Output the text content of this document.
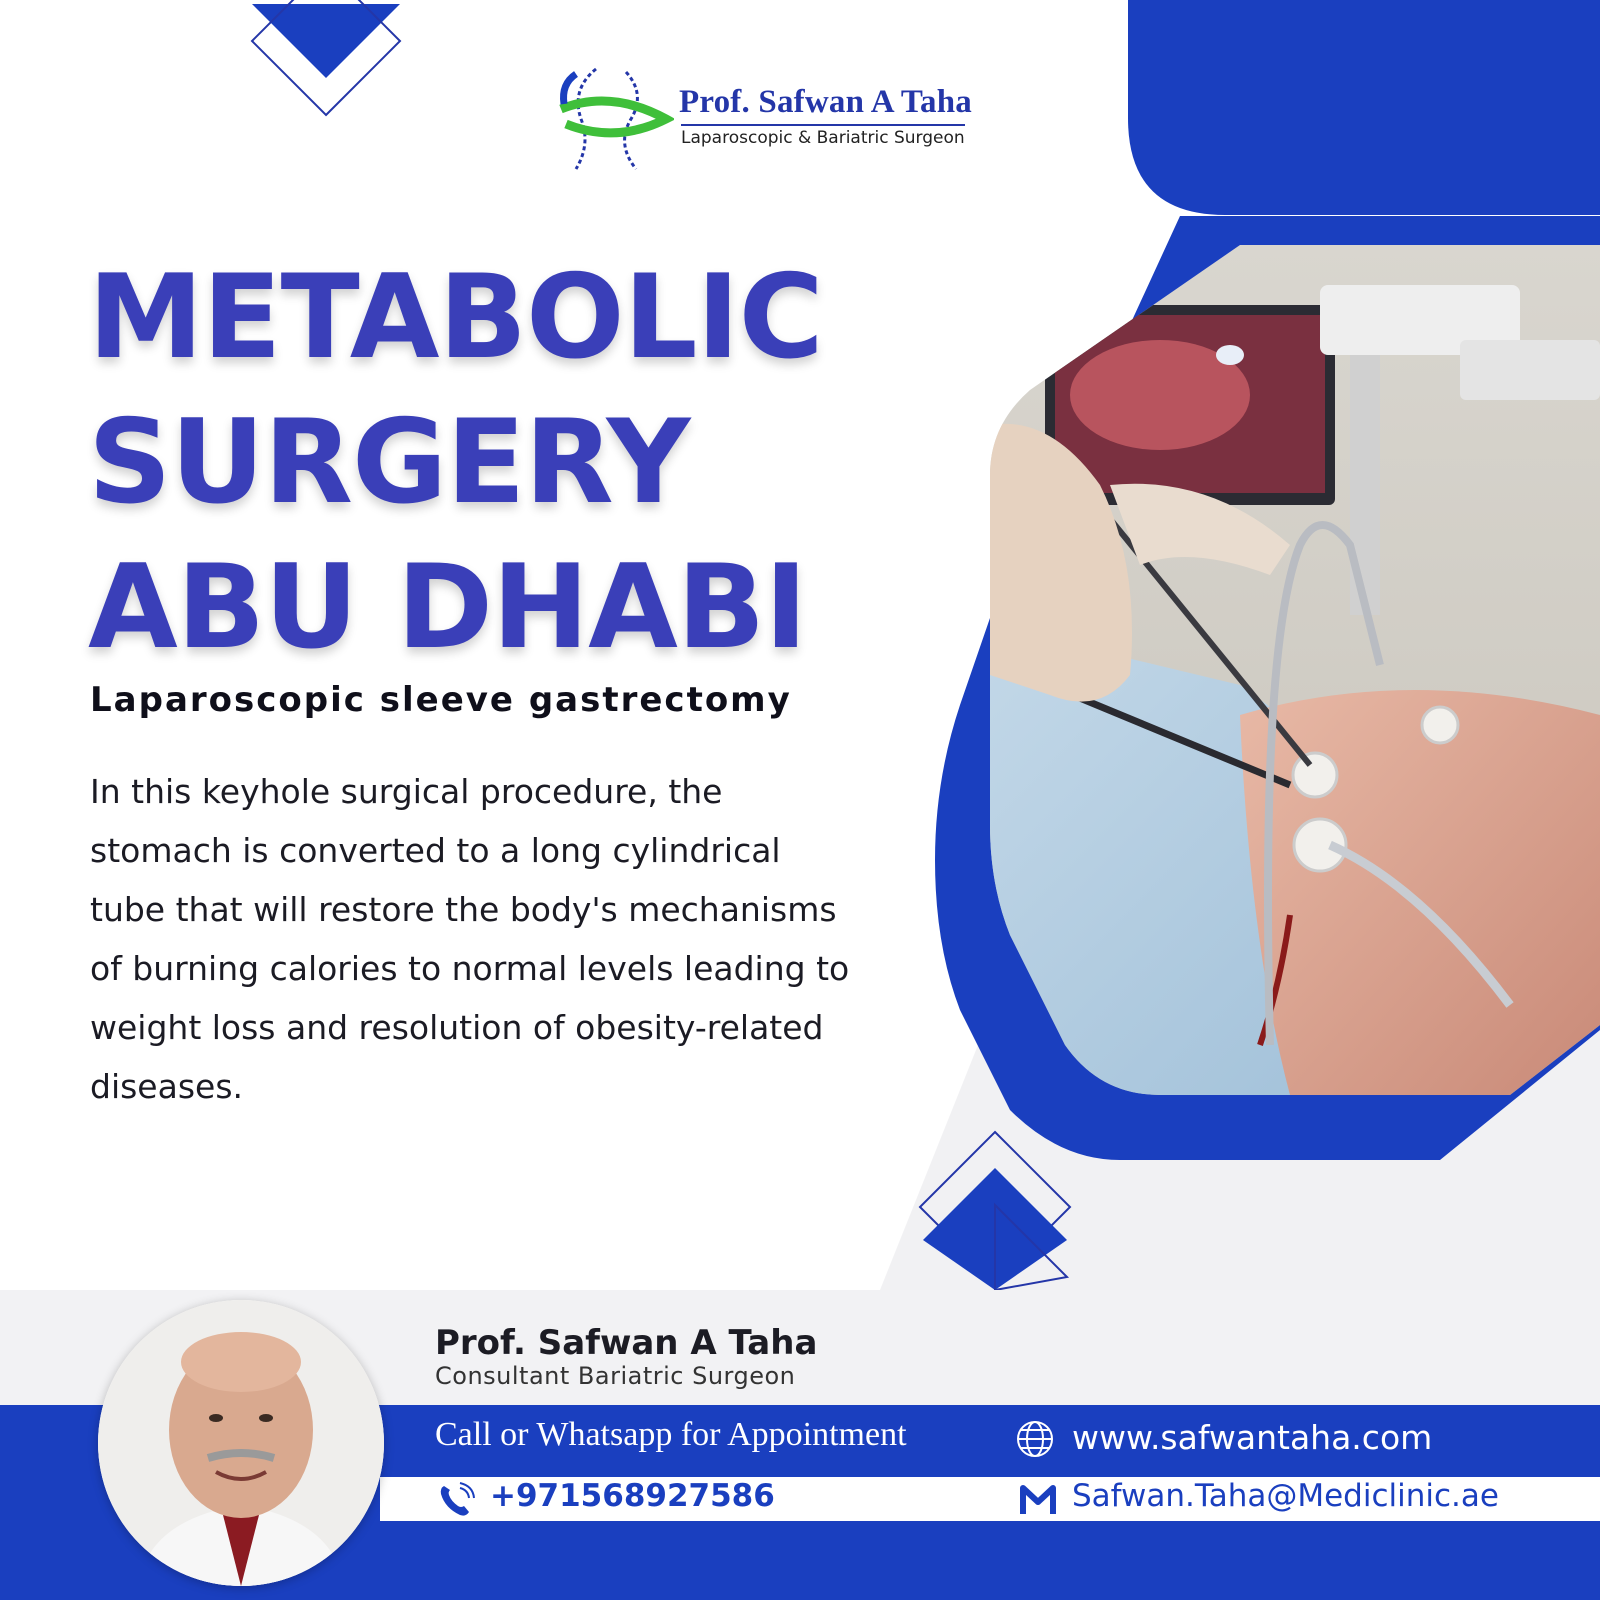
Prof. Safwan A Taha
Laparoscopic & Bariatric Surgeon
METABOLIC
SURGERY
ABU DHABI
Laparoscopic sleeve gastrectomy
In this keyhole surgical procedure, the stomach is converted to a long cylindrical tube that will restore the body's mechanisms of burning calories to normal levels leading to weight loss and resolution of obesity-related diseases.
Prof. Safwan A Taha
Consultant Bariatric Surgeon
Call or Whatsapp for Appointment	www.safwantaha.com
+971568927586	Safwan.Taha@Mediclinic.ae
